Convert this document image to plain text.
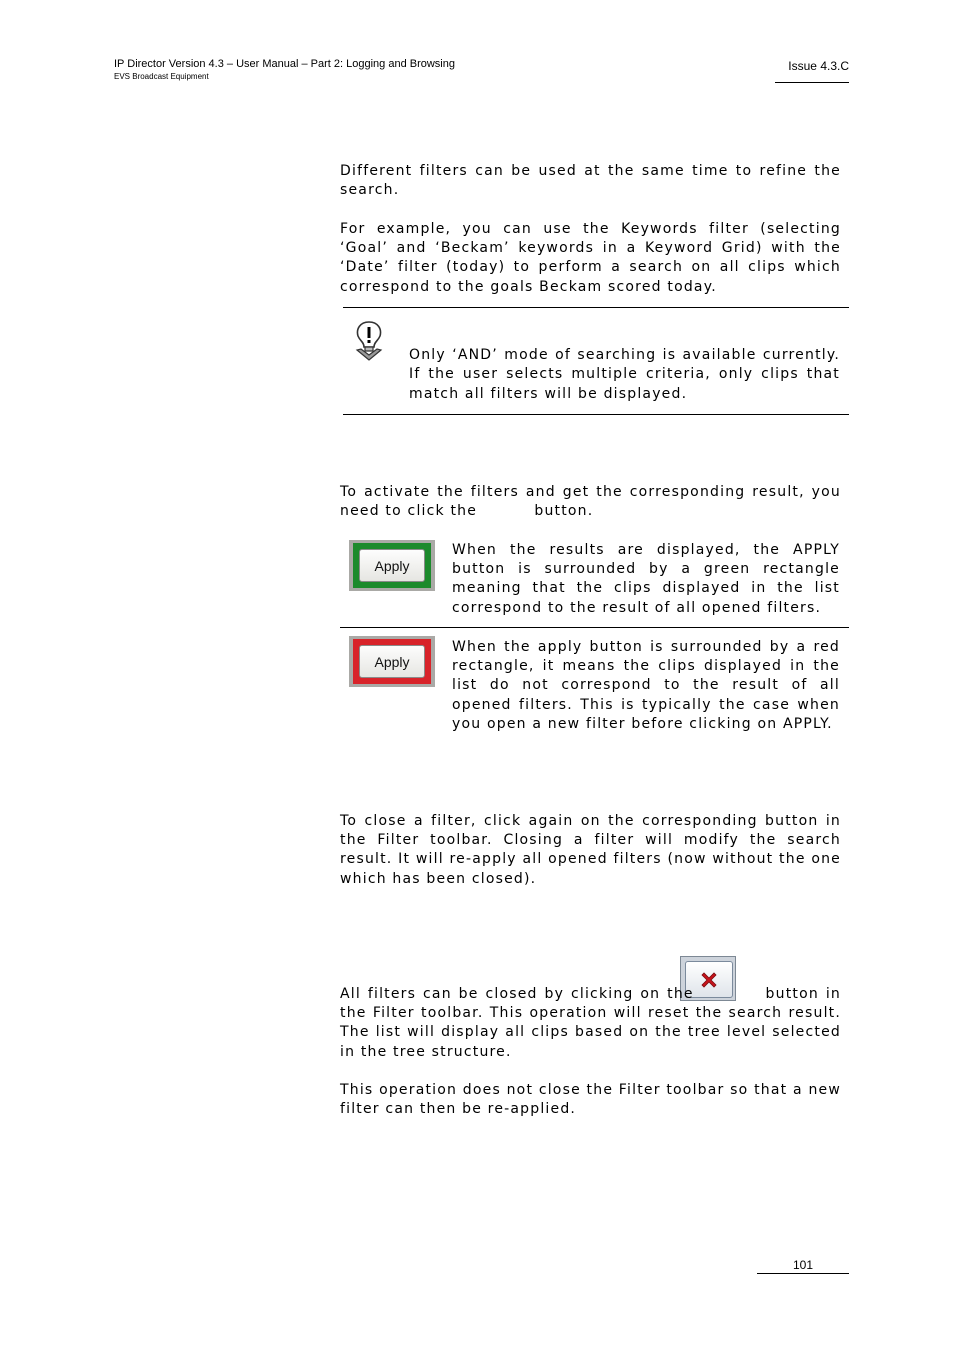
IP Director Version 4.3 – User Manual – Part 2: Logging and Browsing
EVS Broadcast Equipment
Issue 4.3.C
Different filters can be used at the same time to refine the search.
For example, you can use the Keywords filter (selecting ‘Goal’ and ‘Beckam’ keywords in a Keyword Grid) with the ‘Date’ filter (today) to perform a search on all clips which correspond to the goals Beckam scored today.
Only ‘AND’ mode of searching is available currently. If the user selects multiple criteria, only clips that match all filters will be displayed.
To activate the filters and get the corresponding result, you need to click the	button.
Apply
When the results are displayed, the APPLY button is surrounded by a green rectangle meaning that the clips displayed in the list correspond to the result of all opened filters.
Apply
When the apply button is surrounded by a red rectangle, it means the clips displayed in the list do not correspond to the result of all opened filters. This is typically the case when you open a new filter before clicking on APPLY.
To close a filter, click again on the corresponding button in the Filter toolbar. Closing a filter will modify the search result. It will re-apply all opened filters (now without the one which has been closed).
All filters can be closed by clicking on the	button in the Filter toolbar. This operation will reset the search result. The list will display all clips based on the tree level selected in the tree structure.
This operation does not close the Filter toolbar so that a new filter can then be re-applied.
101
